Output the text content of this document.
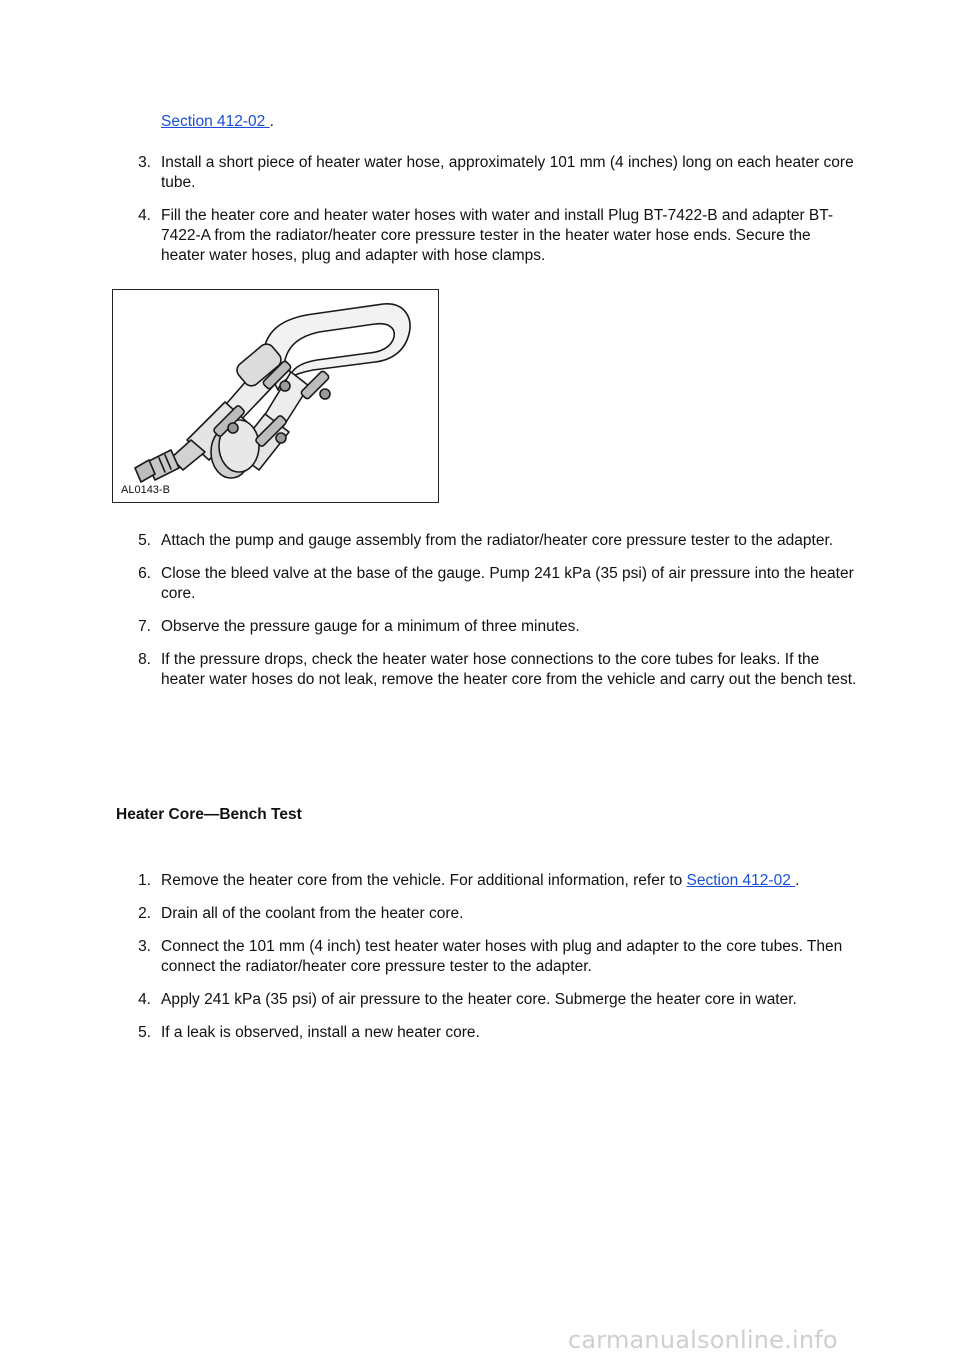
Section 412-02 .
3. Install a short piece of heater water hose, approximately 101 mm (4 inches) long on each heater core tube.
4. Fill the heater core and heater water hoses with water and install Plug BT-7422-B and adapter BT-7422-A from the radiator/heater core pressure tester in the heater water hose ends. Secure the heater water hoses, plug and adapter with hose clamps.
AL0143-B
5. Attach the pump and gauge assembly from the radiator/heater core pressure tester to the adapter.
6. Close the bleed valve at the base of the gauge. Pump 241 kPa (35 psi) of air pressure into the heater core.
7. Observe the pressure gauge for a minimum of three minutes.
8. If the pressure drops, check the heater water hose connections to the core tubes for leaks. If the heater water hoses do not leak, remove the heater core from the vehicle and carry out the bench test.
Heater Core—Bench Test
1. Remove the heater core from the vehicle. For additional information, refer to Section 412-02 .
2. Drain all of the coolant from the heater core.
3. Connect the 101 mm (4 inch) test heater water hoses with plug and adapter to the core tubes. Then connect the radiator/heater core pressure tester to the adapter.
4. Apply 241 kPa (35 psi) of air pressure to the heater core. Submerge the heater core in water.
5. If a leak is observed, install a new heater core.
carmanualsonline.info
